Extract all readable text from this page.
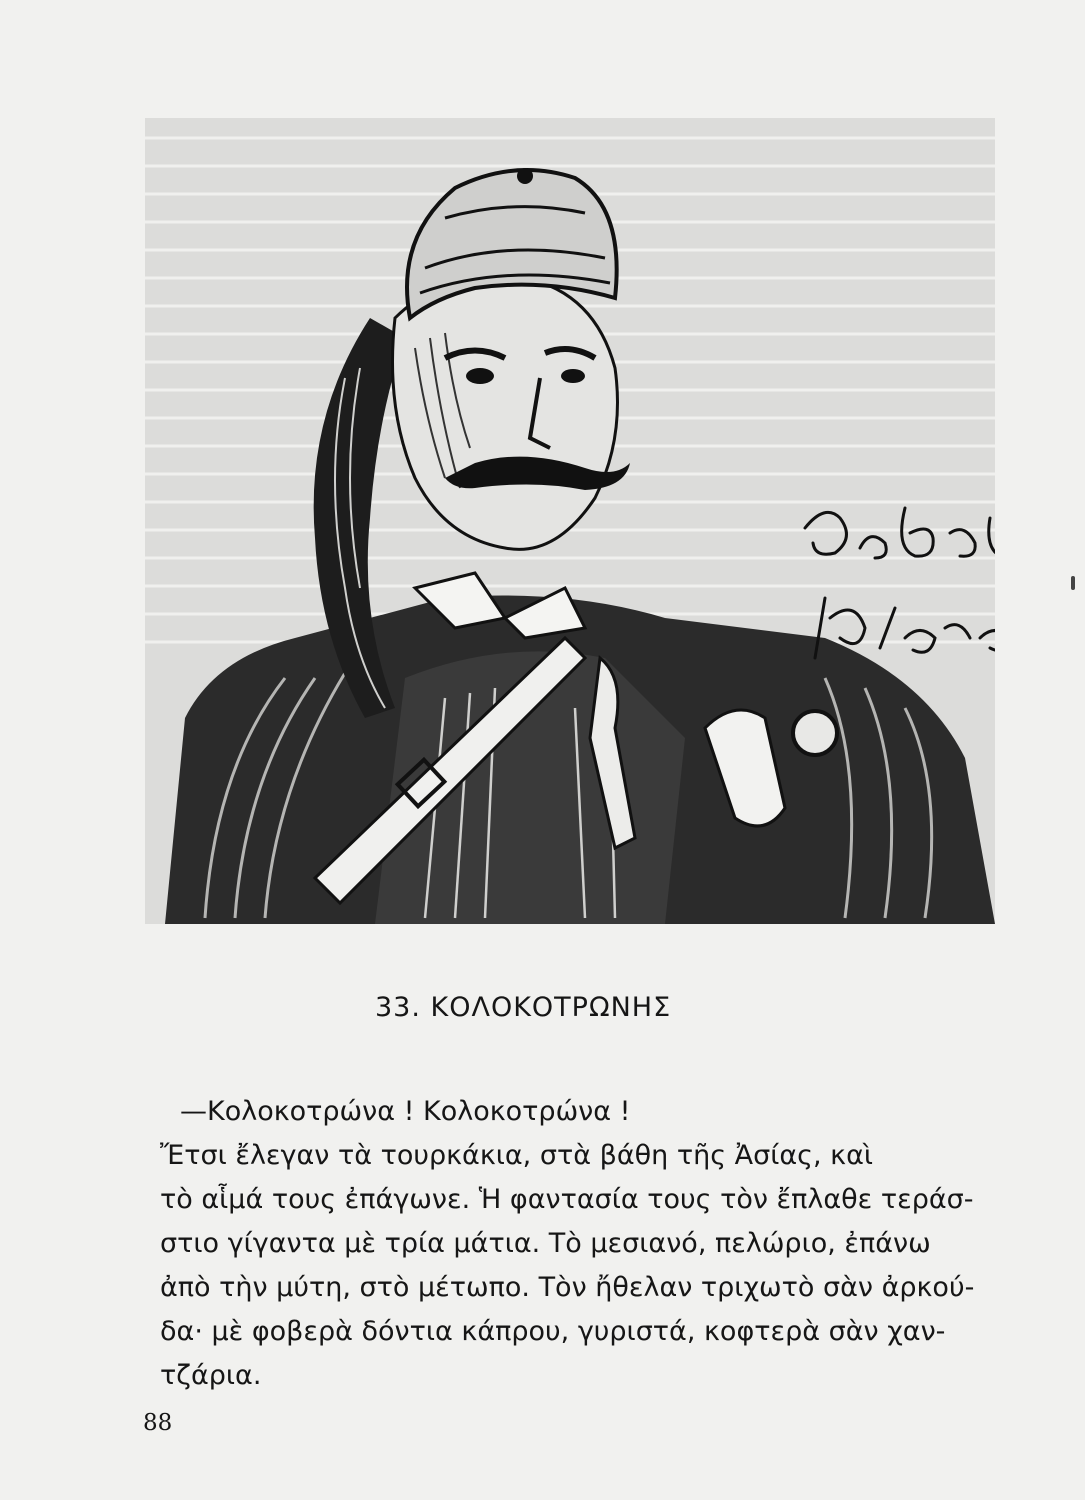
33. ΚΟΛΟΚΟΤΡΩΝΗΣ

—Κολοκοτρώνα ! Κολοκοτρώνα !

Ἔτσι ἔλεγαν τὰ τουρκάκια, στὰ βάθη τῆς Ἀσίας, καὶ

τὸ αἷμά τους ἐπάγωνε. Ἡ φαντασία τους τὸν ἔπλαθε τεράσ-

στιο γίγαντα μὲ τρία μάτια. Τὸ μεσιανό, πελώριο, ἐπάνω

ἀπὸ τὴν μύτη, στὸ μέτωπο. Τὸν ἤθελαν τριχωτὸ σὰν ἀρκού-

δα· μὲ φοβερὰ δόντια κάπρου, γυριστά, κοφτερὰ σὰν χαν-

τζάρια.

88
